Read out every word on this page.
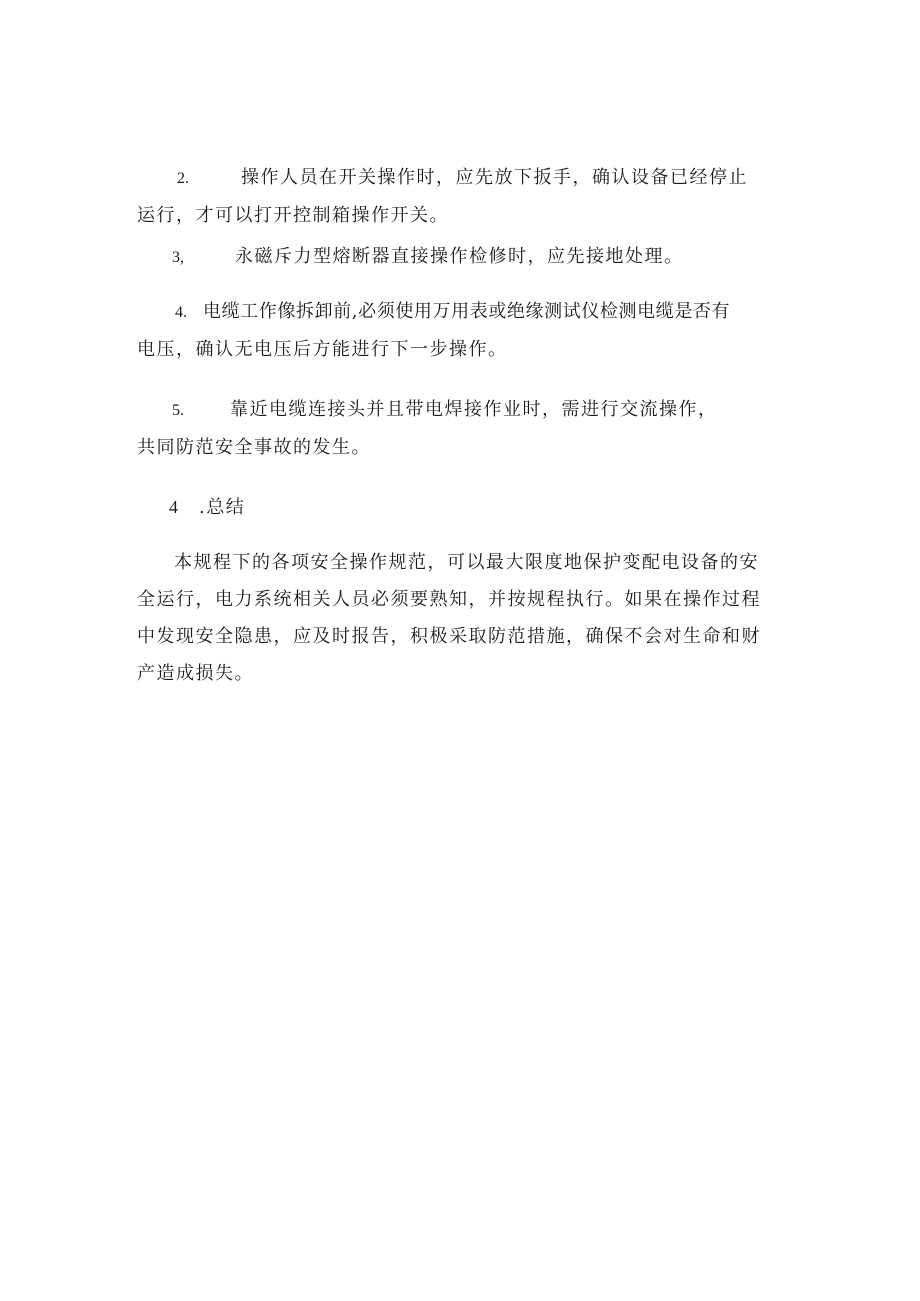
2.	操作人员在开关操作时，应先放下扳手，确认设备已经停止
运行，才可以打开控制箱操作开关。
3,	永磁斥力型熔断器直接操作检修时，应先接地处理。
4. 电缆工作像拆卸前,必须使用万用表或绝缘测试仪检测电缆是否有
电压，确认无电压后方能进行下一步操作。
5.	靠近电缆连接头并且带电焊接作业时，需进行交流操作，
共同防范安全事故的发生。
4 .总结
本规程下的各项安全操作规范，可以最大限度地保护变配电设备的安
全运行，电力系统相关人员必须要熟知，并按规程执行。如果在操作过程
中发现安全隐患，应及时报告，积极采取防范措施，确保不会对生命和财
产造成损失。
